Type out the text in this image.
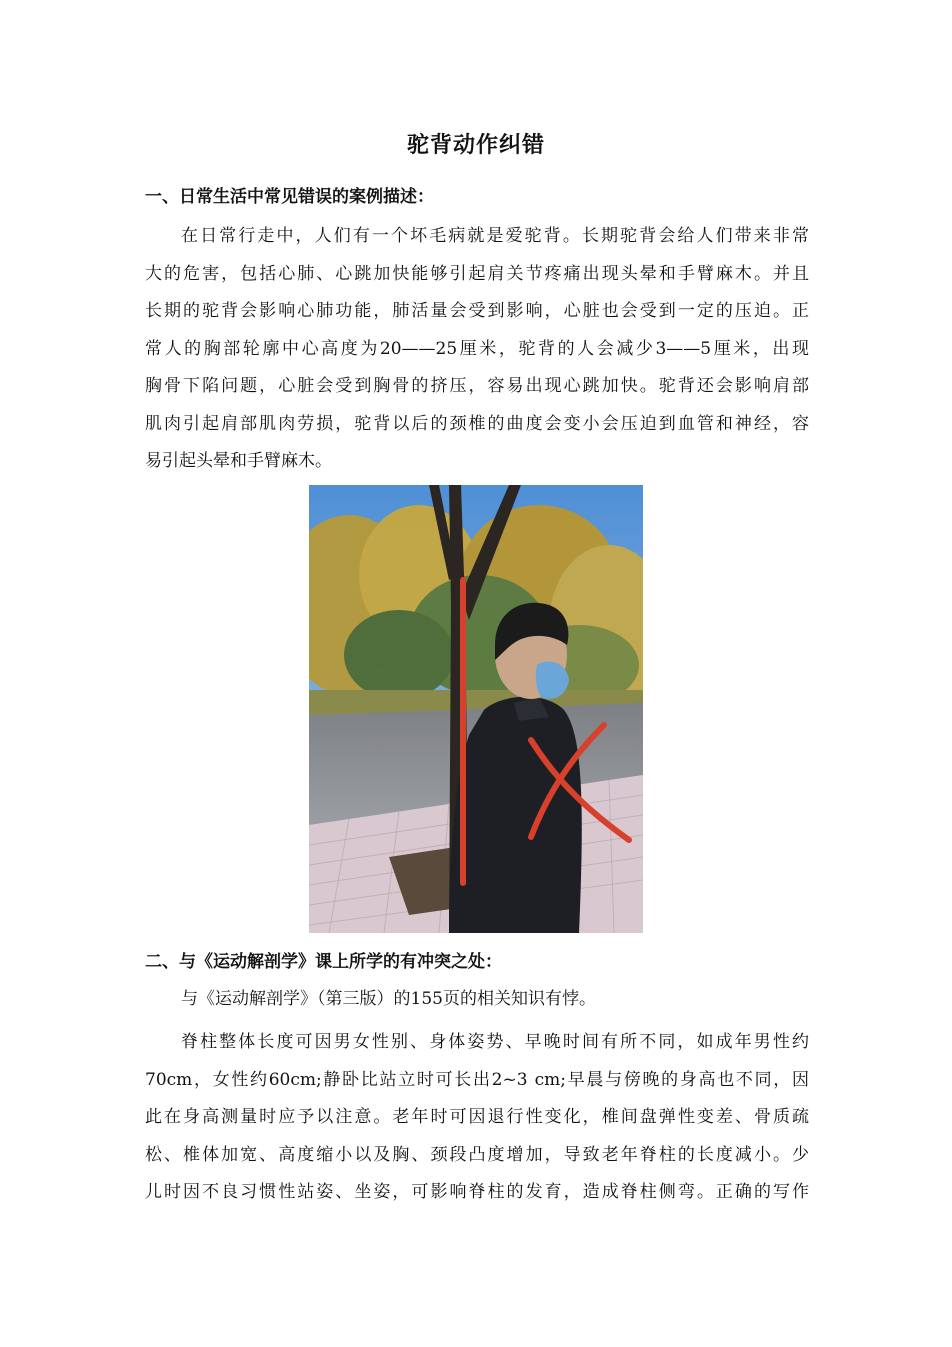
驼背动作纠错
一、日常生活中常见错误的案例描述：
在日常行走中，人们有一个坏毛病就是爱驼背。长期驼背会给人们带来非常
大的危害，包括心肺、心跳加快能够引起肩关节疼痛出现头晕和手臂麻木。并且
长期的驼背会影响心肺功能，肺活量会受到影响，心脏也会受到一定的压迫。正
常人的胸部轮廓中心高度为20——25厘米，驼背的人会减少3——5厘米，出现
胸骨下陷问题，心脏会受到胸骨的挤压，容易出现心跳加快。驼背还会影响肩部
肌肉引起肩部肌肉劳损，驼背以后的颈椎的曲度会变小会压迫到血管和神经，容
易引起头晕和手臂麻木。
二、与《运动解剖学》课上所学的有冲突之处：
与《运动解剖学》（第三版）的155页的相关知识有悖。
脊柱整体长度可因男女性别、身体姿势、早晚时间有所不同，如成年男性约
70cm，女性约60cm;静卧比站立时可长出2~3 cm;早晨与傍晚的身高也不同，因
此在身高测量时应予以注意。老年时可因退行性变化，椎间盘弹性变差、骨质疏
松、椎体加宽、高度缩小以及胸、颈段凸度增加，导致老年脊柱的长度减小。少
儿时因不良习惯性站姿、坐姿，可影响脊柱的发育，造成脊柱侧弯。正确的写作
